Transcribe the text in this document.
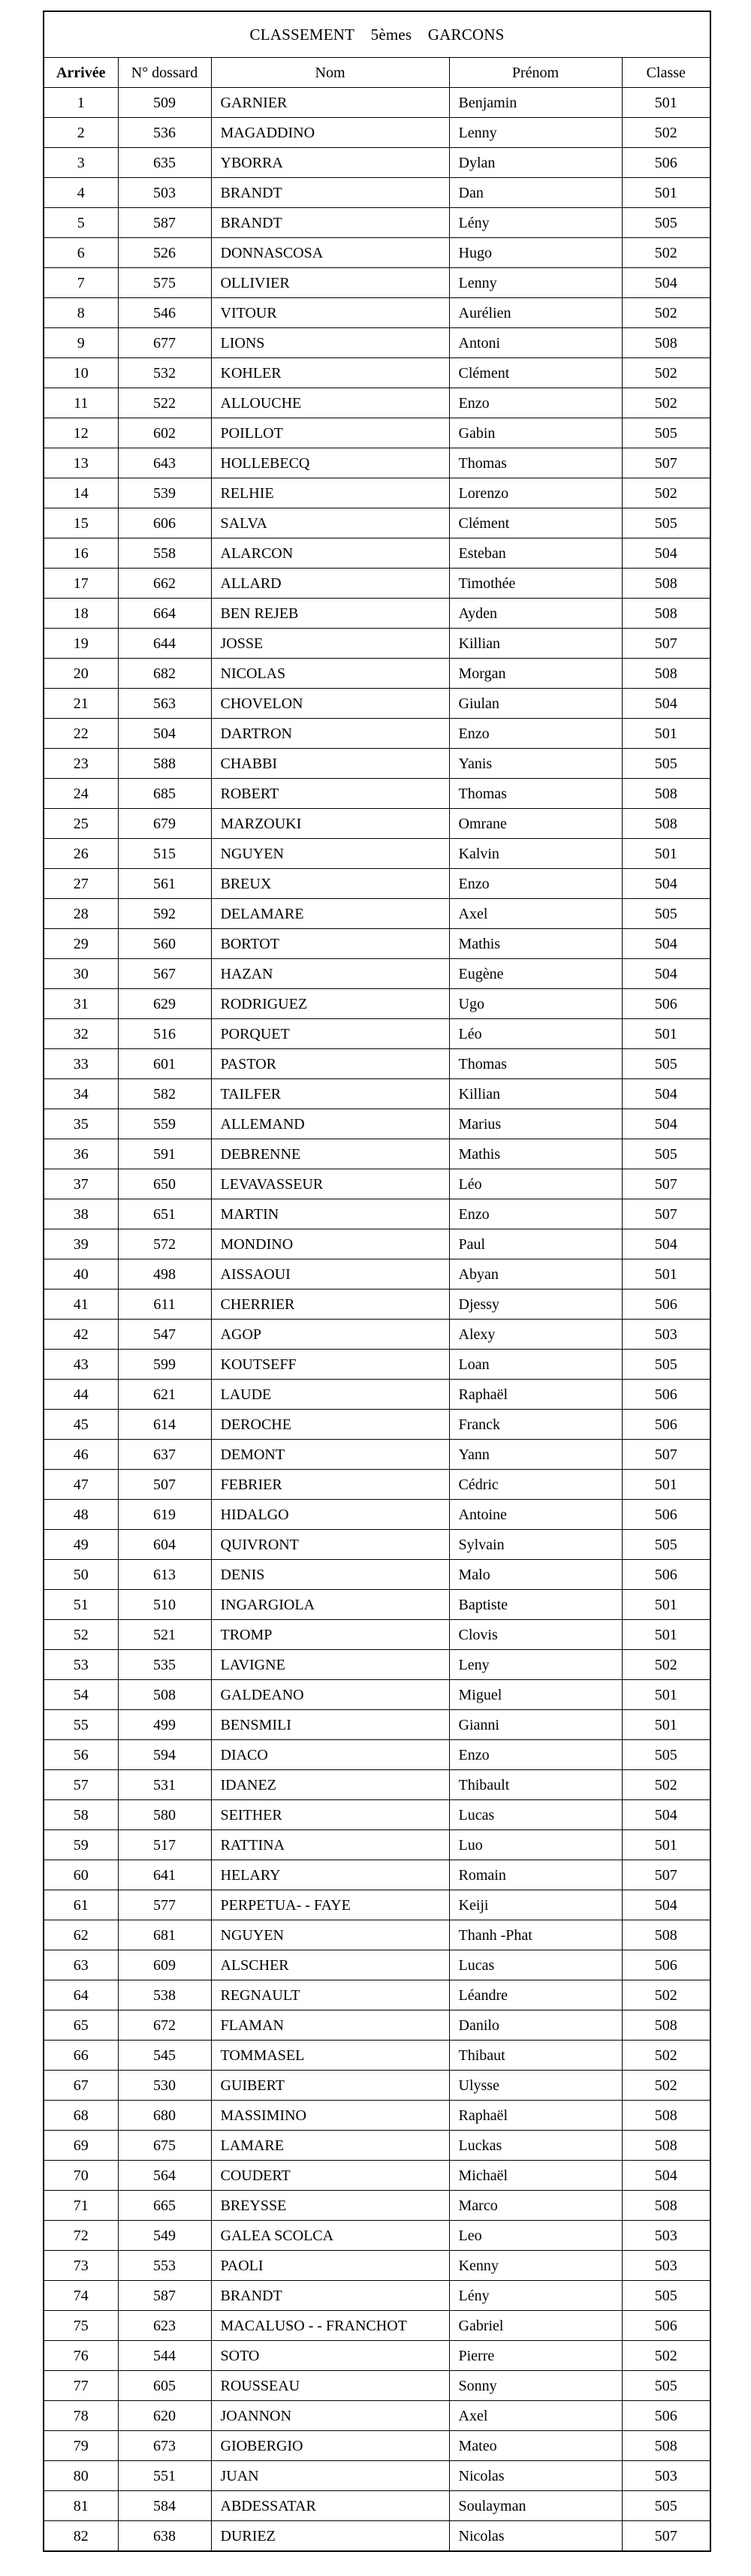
CLASSEMENT 5èmes GARCONS				
Arrivée	N° dossard	Nom	Prénom	Classe
1	509	GARNIER	Benjamin	501
2	536	MAGADDINO	Lenny	502
3	635	YBORRA	Dylan	506
4	503	BRANDT	Dan	501
5	587	BRANDT	Lény	505
6	526	DONNASCOSA	Hugo	502
7	575	OLLIVIER	Lenny	504
8	546	VITOUR	Aurélien	502
9	677	LIONS	Antoni	508
10	532	KOHLER	Clément	502
11	522	ALLOUCHE	Enzo	502
12	602	POILLOT	Gabin	505
13	643	HOLLEBECQ	Thomas	507
14	539	RELHIE	Lorenzo	502
15	606	SALVA	Clément	505
16	558	ALARCON	Esteban	504
17	662	ALLARD	Timothée	508
18	664	BEN REJEB	Ayden	508
19	644	JOSSE	Killian	507
20	682	NICOLAS	Morgan	508
21	563	CHOVELON	Giulan	504
22	504	DARTRON	Enzo	501
23	588	CHABBI	Yanis	505
24	685	ROBERT	Thomas	508
25	679	MARZOUKI	Omrane	508
26	515	NGUYEN	Kalvin	501
27	561	BREUX	Enzo	504
28	592	DELAMARE	Axel	505
29	560	BORTOT	Mathis	504
30	567	HAZAN	Eugène	504
31	629	RODRIGUEZ	Ugo	506
32	516	PORQUET	Léo	501
33	601	PASTOR	Thomas	505
34	582	TAILFER	Killian	504
35	559	ALLEMAND	Marius	504
36	591	DEBRENNE	Mathis	505
37	650	LEVAVASSEUR	Léo	507
38	651	MARTIN	Enzo	507
39	572	MONDINO	Paul	504
40	498	AISSAOUI	Abyan	501
41	611	CHERRIER	Djessy	506
42	547	AGOP	Alexy	503
43	599	KOUTSEFF	Loan	505
44	621	LAUDE	Raphaël	506
45	614	DEROCHE	Franck	506
46	637	DEMONT	Yann	507
47	507	FEBRIER	Cédric	501
48	619	HIDALGO	Antoine	506
49	604	QUIVRONT	Sylvain	505
50	613	DENIS	Malo	506
51	510	INGARGIOLA	Baptiste	501
52	521	TROMP	Clovis	501
53	535	LAVIGNE	Leny	502
54	508	GALDEANO	Miguel	501
55	499	BENSMILI	Gianni	501
56	594	DIACO	Enzo	505
57	531	IDANEZ	Thibault	502
58	580	SEITHER	Lucas	504
59	517	RATTINA	Luo	501
60	641	HELARY	Romain	507
61	577	PERPETUA- - FAYE	Keiji	504
62	681	NGUYEN	Thanh -Phat	508
63	609	ALSCHER	Lucas	506
64	538	REGNAULT	Léandre	502
65	672	FLAMAN	Danilo	508
66	545	TOMMASEL	Thibaut	502
67	530	GUIBERT	Ulysse	502
68	680	MASSIMINO	Raphaël	508
69	675	LAMARE	Luckas	508
70	564	COUDERT	Michaël	504
71	665	BREYSSE	Marco	508
72	549	GALEA SCOLCA	Leo	503
73	553	PAOLI	Kenny	503
74	587	BRANDT	Lény	505
75	623	MACALUSO - - FRANCHOT	Gabriel	506
76	544	SOTO	Pierre	502
77	605	ROUSSEAU	Sonny	505
78	620	JOANNON	Axel	506
79	673	GIOBERGIO	Mateo	508
80	551	JUAN	Nicolas	503
81	584	ABDESSATAR	Soulayman	505
82	638	DURIEZ	Nicolas	507
